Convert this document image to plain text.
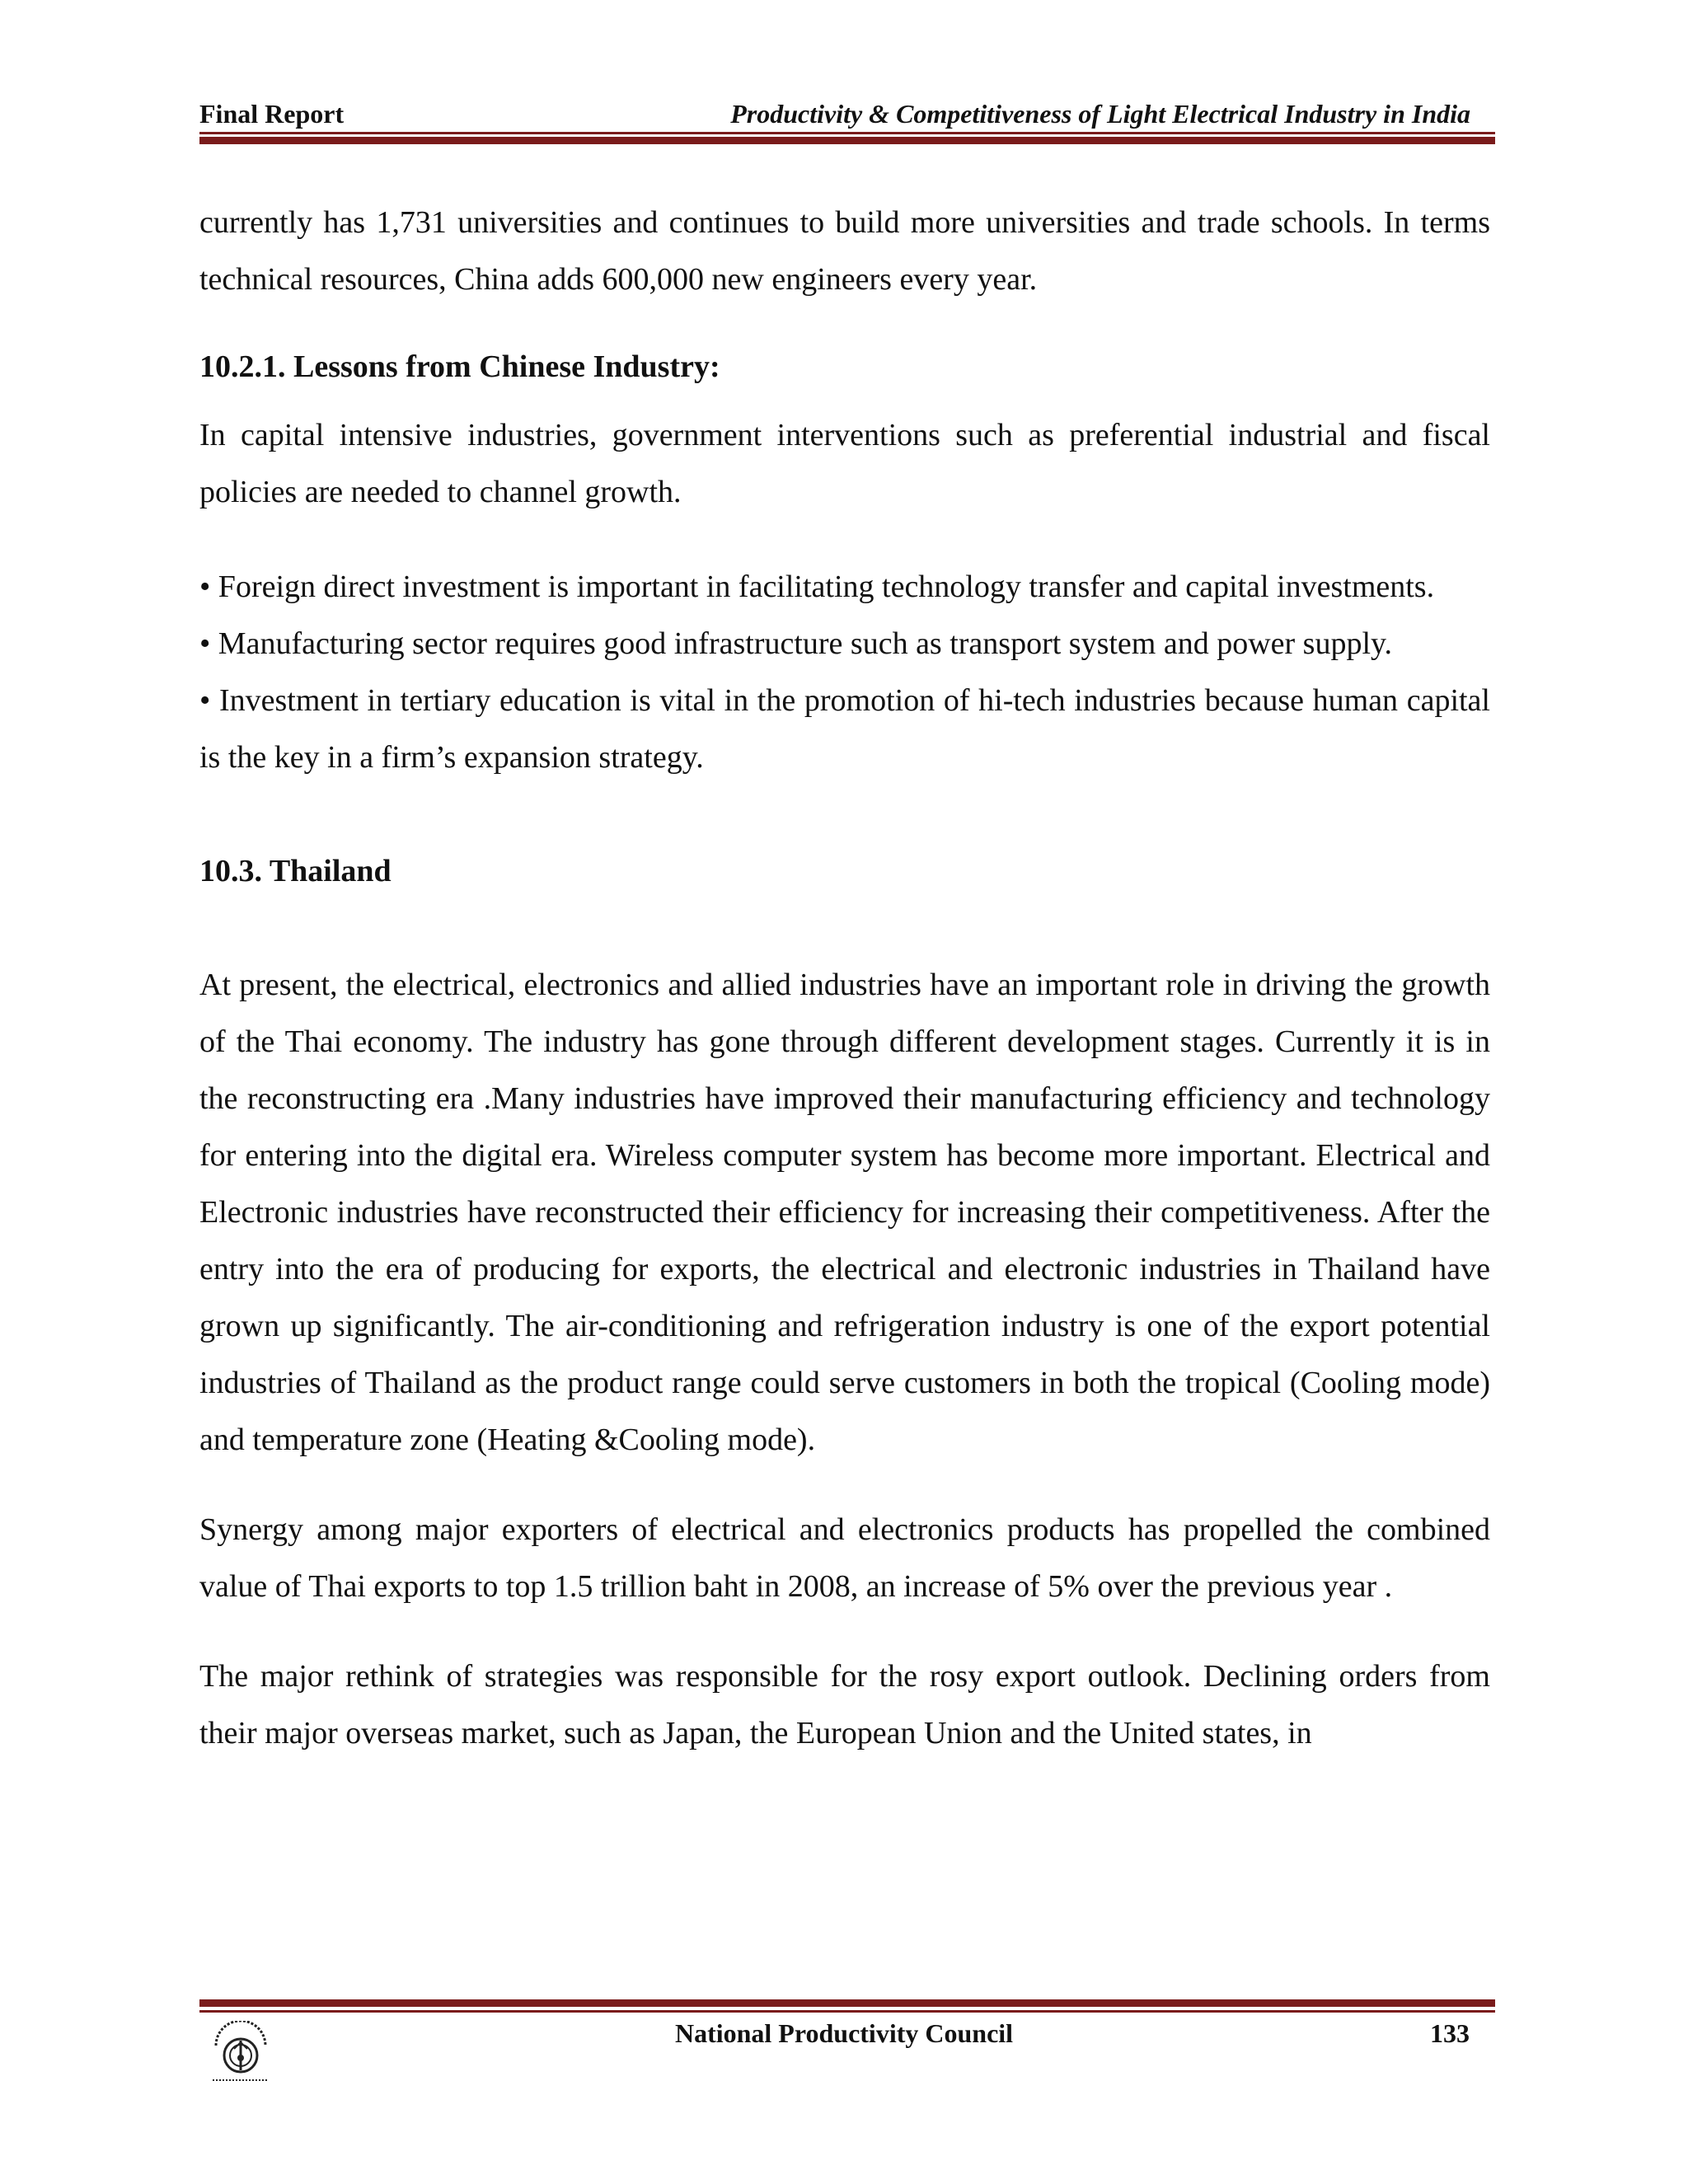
Final Report	Productivity & Competitiveness of Light Electrical Industry in India

currently has 1,731 universities and continues to build more universities and trade schools. In terms technical resources, China adds 600,000 new engineers every year.

10.2.1. Lessons from Chinese Industry:

In capital intensive industries, government interventions such as preferential industrial and fiscal policies are needed to channel growth.

• Foreign direct investment is important in facilitating technology transfer and capital investments.

• Manufacturing sector requires good infrastructure such as transport system and power supply.

• Investment in tertiary education is vital in the promotion of hi-tech industries because human capital is the key in a firm’s expansion strategy.

10.3. Thailand

At present, the electrical, electronics and allied industries have an important role in driving the growth of the Thai economy. The industry has gone through different development stages. Currently it is in the reconstructing era .Many industries have improved their manufacturing efficiency and technology for entering into the digital era. Wireless computer system has become more important. Electrical and Electronic industries have reconstructed their efficiency for increasing their competitiveness. After the entry into the era of producing for exports, the electrical and electronic industries in Thailand have grown up significantly. The air-conditioning and refrigeration industry is one of the export potential industries of Thailand as the product range could serve customers in both the tropical (Cooling mode) and temperature zone (Heating &Cooling mode).

Synergy among major exporters of electrical and electronics products has propelled the combined value of Thai exports to top 1.5 trillion baht in 2008, an increase of 5% over the previous year .

The major rethink of strategies was responsible for the rosy export outlook. Declining orders from their major overseas market, such as Japan, the European Union and the United states, in

National Productivity Council	133
